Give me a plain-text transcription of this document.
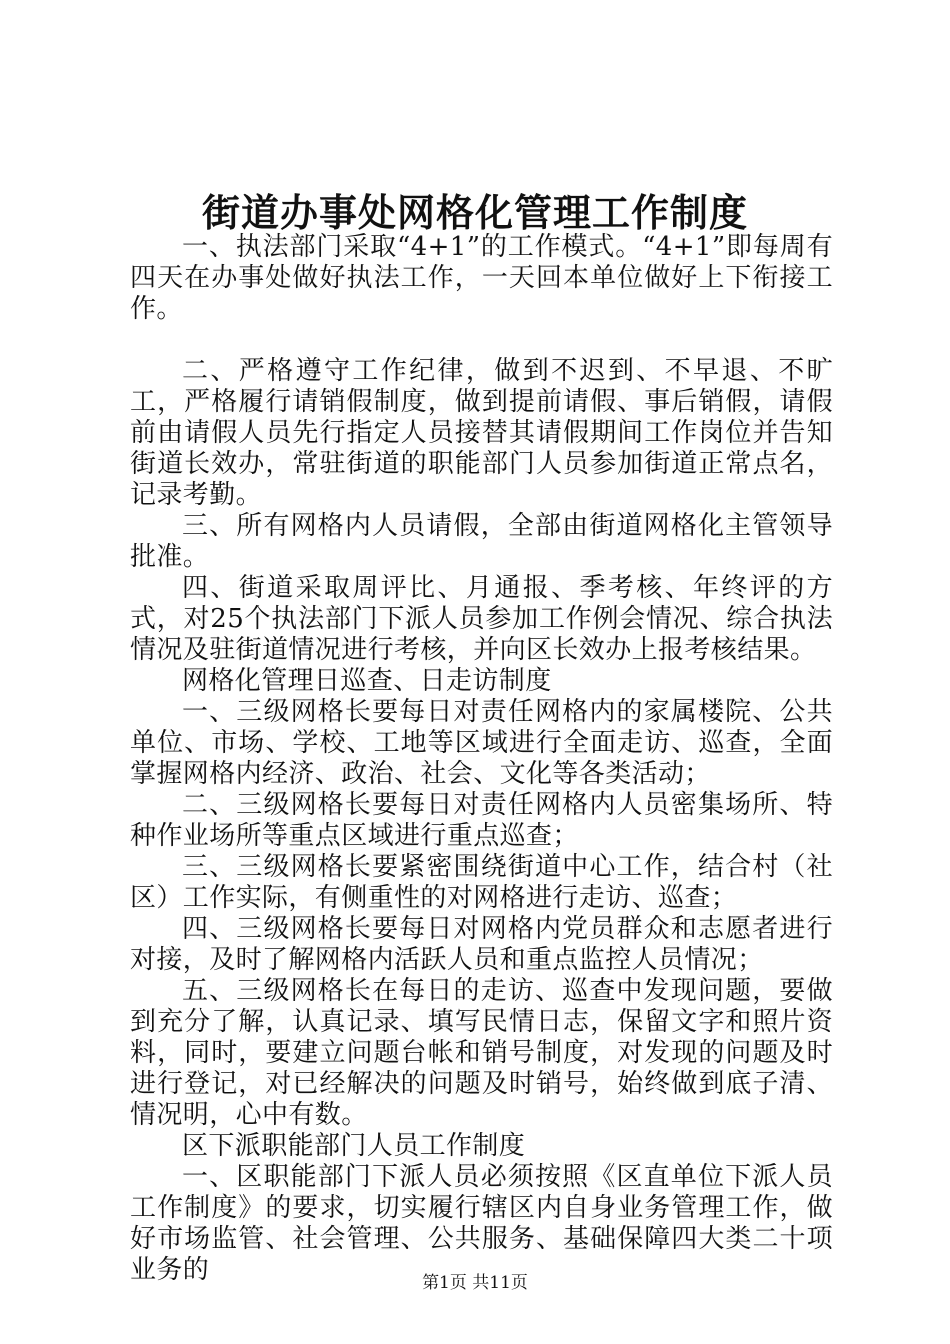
街道办事处网格化管理工作制度

一、执法部门采取“4+1”的工作模式。“4+1”即每周有四天在办事处做好执法工作，一天回本单位做好上下衔接工作。

二、严格遵守工作纪律，做到不迟到、不早退、不旷工，严格履行请销假制度，做到提前请假、事后销假，请假前由请假人员先行指定人员接替其请假期间工作岗位并告知街道长效办，常驻街道的职能部门人员参加街道正常点名，记录考勤。

三、所有网格内人员请假，全部由街道网格化主管领导批准。

四、街道采取周评比、月通报、季考核、年终评的方式，对25个执法部门下派人员参加工作例会情况、综合执法情况及驻街道情况进行考核，并向区长效办上报考核结果。

网格化管理日巡查、日走访制度

一、三级网格长要每日对责任网格内的家属楼院、公共单位、市场、学校、工地等区域进行全面走访、巡查，全面掌握网格内经济、政治、社会、文化等各类活动；

二、三级网格长要每日对责任网格内人员密集场所、特种作业场所等重点区域进行重点巡查；

三、三级网格长要紧密围绕街道中心工作，结合村（社区）工作实际，有侧重性的对网格进行走访、巡查；

四、三级网格长要每日对网格内党员群众和志愿者进行对接，及时了解网格内活跃人员和重点监控人员情况；

五、三级网格长在每日的走访、巡查中发现问题，要做到充分了解，认真记录、填写民情日志，保留文字和照片资料，同时，要建立问题台帐和销号制度，对发现的问题及时进行登记，对已经解决的问题及时销号，始终做到底子清、情况明，心中有数。

区下派职能部门人员工作制度

一、区职能部门下派人员必须按照《区直单位下派人员工作制度》的要求，切实履行辖区内自身业务管理工作，做好市场监管、社会管理、公共服务、基础保障四大类二十项业务的	第1页 共11页
